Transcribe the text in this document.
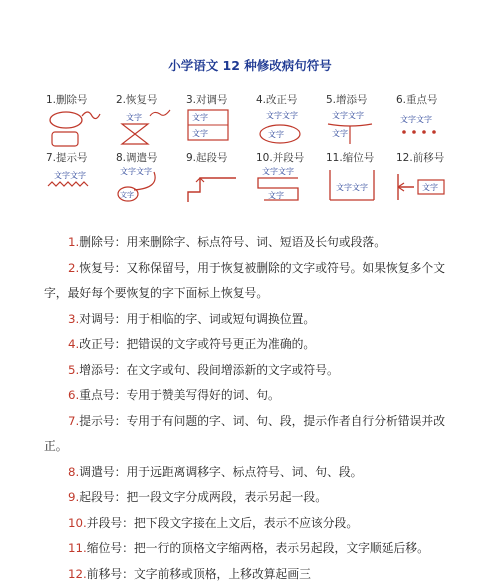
小学语文 12 种修改病句符号
1.删除号	2.恢复号
文字
3.对调号
文字
文字
4.改正号
文字文字
文字
5.增添号
文字文字
文字
6.重点号
文字文字
7.提示号
文字文字
8.调遣号
文字文字
文字
9.起段号	10.并段号
文字文字
文字
11.缩位号
文字文字
12.前移号
文字
1.删除号：用来删除字、标点符号、词、短语及长句或段落。
2.恢复号：又称保留号，用于恢复被删除的文字或符号。如果恢复多个文字，最好每个要恢复的字下面标上恢复号。
3.对调号：用于相临的字、词或短句调换位置。
4.改正号：把错误的文字或符号更正为准确的。
5.增添号：在文字或句、段间增添新的文字或符号。
6.重点号：专用于赞美写得好的词、句。
7.提示号：专用于有问题的字、词、句、段，提示作者自行分析错误并改正。
8.调遣号：用于远距离调移字、标点符号、词、句、段。
9.起段号：把一段文字分成两段，表示另起一段。
10.并段号：把下段文字接在上文后，表示不应该分段。
11.缩位号：把一行的顶格文字缩两格，表示另起段，文字顺延后移。
12.前移号：文字前移或顶格，上移改算起画三
